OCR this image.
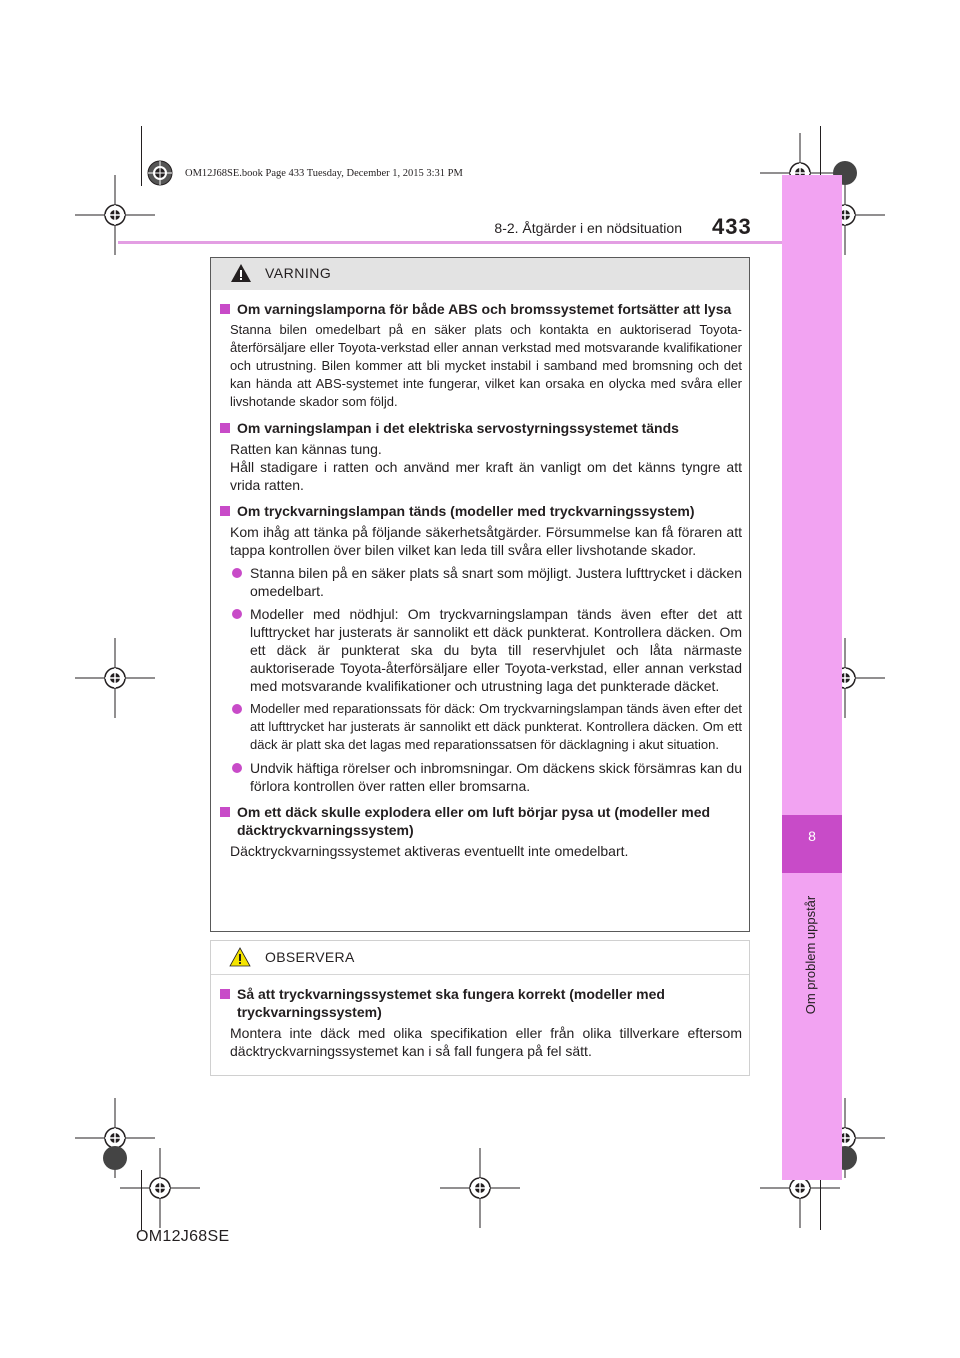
8
Om problem uppstår
OM12J68SE.book Page 433 Tuesday, December 1, 2015 3:31 PM
8-2. Åtgärder i en nödsituation 433
VARNING
Om varningslamporna för både ABS och bromssystemet fortsätter att lysa
Stanna bilen omedelbart på en säker plats och kontakta en auktoriserad Toyota-återförsäljare eller Toyota-verkstad eller annan verkstad med motsvarande kvalifikationer och utrustning. Bilen kommer att bli mycket instabil i samband med bromsning och det kan hända att ABS-systemet inte fungerar, vilket kan orsaka en olycka med svåra eller livshotande skador som följd.
Om varningslampan i det elektriska servostyrningssystemet tänds
Ratten kan kännas tung.
Håll stadigare i ratten och använd mer kraft än vanligt om det känns tyngre att vrida ratten.
Om tryckvarningslampan tänds (modeller med tryckvarningssystem)
Kom ihåg att tänka på följande säkerhetsåtgärder. Försummelse kan få föraren att tappa kontrollen över bilen vilket kan leda till svåra eller livshotande skador.
Stanna bilen på en säker plats så snart som möjligt. Justera lufttrycket i däcken omedelbart.
Modeller med nödhjul: Om tryckvarningslampan tänds även efter det att lufttrycket har justerats är sannolikt ett däck punkterat. Kontrollera däcken. Om ett däck är punkterat ska du byta till reservhjulet och låta närmaste auktoriserade Toyota-återförsäljare eller Toyota-verkstad, eller annan verkstad med motsvarande kvalifikationer och utrustning laga det punkterade däcket.
Modeller med reparationssats för däck: Om tryckvarningslampan tänds även efter det att lufttrycket har justerats är sannolikt ett däck punkterat. Kontrollera däcken. Om ett däck är platt ska det lagas med reparationssatsen för däcklagning i akut situation.
Undvik häftiga rörelser och inbromsningar. Om däckens skick försämras kan du förlora kontrollen över ratten eller bromsarna.
Om ett däck skulle explodera eller om luft börjar pysa ut (modeller med däcktryckvarningssystem)
Däcktryckvarningssystemet aktiveras eventuellt inte omedelbart.
OBSERVERA
Så att tryckvarningssystemet ska fungera korrekt (modeller med tryckvarningssystem)
Montera inte däck med olika specifikation eller från olika tillverkare eftersom däcktryckvarningssystemet kan i så fall fungera på fel sätt.
OM12J68SE
